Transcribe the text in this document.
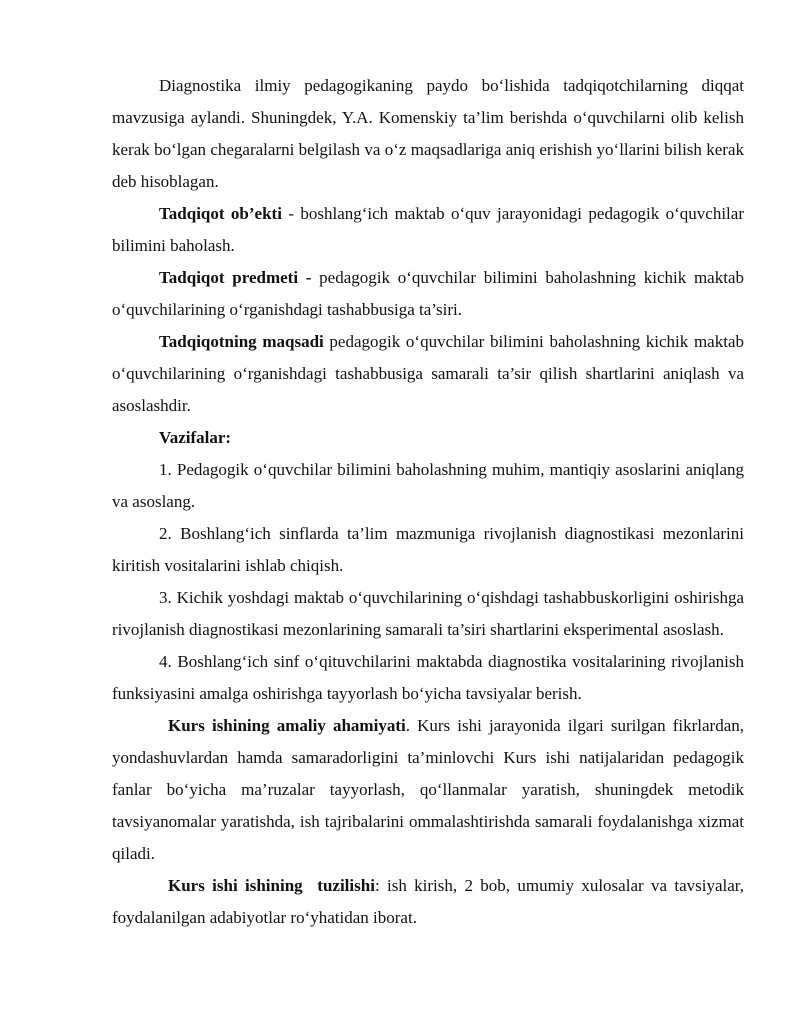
Diagnostika ilmiy pedagogikaning paydo bo‘lishida tadqiqotchilarning diqqat mavzusiga aylandi. Shuningdek, Y.A. Komenskiy ta’lim berishda o‘quvchilarni olib kelish kerak bo‘lgan chegaralarni belgilash va o‘z maqsadlariga aniq erishish yo‘llarini bilish kerak deb hisoblagan.

Tadqiqot ob’ekti - boshlang‘ich maktab o‘quv jarayonidagi pedagogik o‘quvchilar bilimini baholash.

Tadqiqot predmeti - pedagogik o‘quvchilar bilimini baholashning kichik maktab o‘quvchilarining o‘rganishdagi tashabbusiga ta’siri.

Tadqiqotning maqsadi pedagogik o‘quvchilar bilimini baholashning kichik maktab o‘quvchilarining o‘rganishdagi tashabbusiga samarali ta’sir qilish shartlarini aniqlash va asoslashdir.

Vazifalar:

1. Pedagogik o‘quvchilar bilimini baholashning muhim, mantiqiy asoslarini aniqlang va asoslang.

2. Boshlang‘ich sinflarda ta’lim mazmuniga rivojlanish diagnostikasi mezonlarini kiritish vositalarini ishlab chiqish.

3. Kichik yoshdagi maktab o‘quvchilarining o‘qishdagi tashabbuskorligini oshirishga rivojlanish diagnostikasi mezonlarining samarali ta’siri shartlarini eksperimental asoslash.

4. Boshlang‘ich sinf o‘qituvchilarini maktabda diagnostika vositalarining rivojlanish funksiyasini amalga oshirishga tayyorlash bo‘yicha tavsiyalar berish.

Kurs ishining amaliy ahamiyati. Kurs ishi jarayonida ilgari surilgan fikrlardan, yondashuvlardan hamda samaradorligini ta’minlovchi Kurs ishi natijalaridan pedagogik fanlar bo‘yicha ma’ruzalar tayyorlash, qo‘llanmalar yaratish, shuningdek metodik tavsiyanomalar yaratishda, ish tajribalarini ommalashtirishda samarali foydalanishga xizmat qiladi.

Kurs ishi ishining  tuzilishi: ish kirish, 2 bob, umumiy xulosalar va tavsiyalar, foydalanilgan adabiyotlar ro‘yhatidan iborat.
